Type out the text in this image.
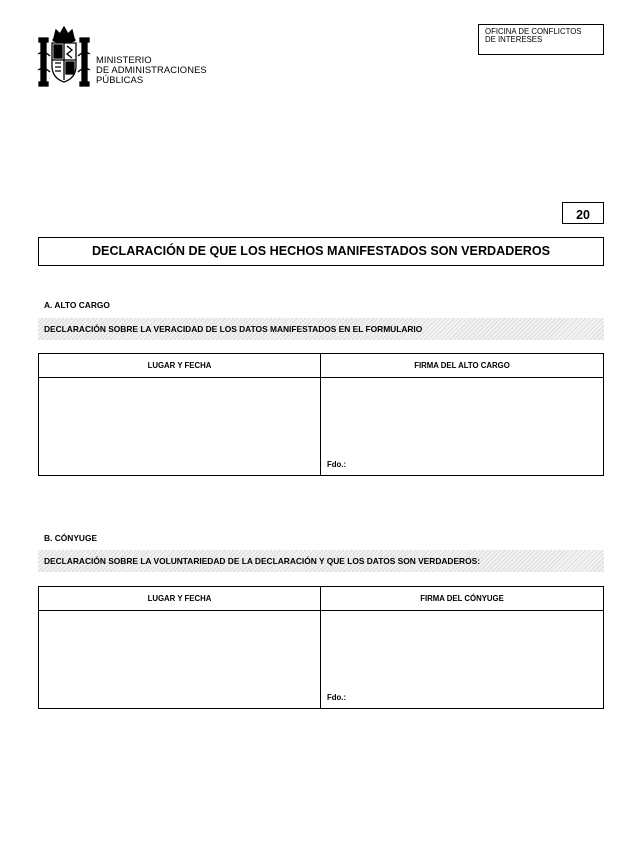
MINISTERIO
DE ADMINISTRACIONES
PÚBLICAS
OFICINA DE CONFLICTOS
DE INTERESES
20
DECLARACIÓN DE QUE LOS HECHOS MANIFESTADOS SON VERDADEROS
A. ALTO CARGO
DECLARACIÓN SOBRE LA VERACIDAD DE LOS DATOS MANIFESTADOS EN EL FORMULARIO
LUGAR Y FECHA	FIRMA DEL ALTO CARGO
Fdo.:
B. CÓNYUGE
DECLARACIÓN SOBRE LA VOLUNTARIEDAD DE LA DECLARACIÓN Y QUE LOS DATOS SON VERDADEROS:
LUGAR Y FECHA	FIRMA DEL CÓNYUGE
Fdo.:
